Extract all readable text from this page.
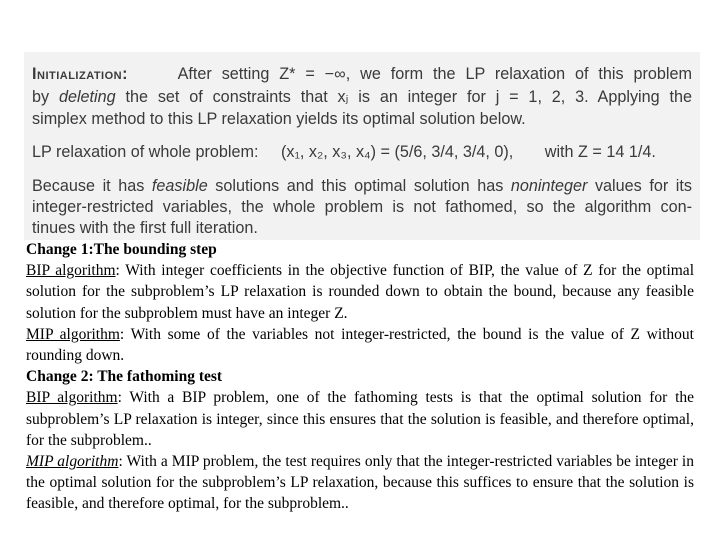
Initialization:	After setting Z* = −∞, we form the LP relaxation of this problem
by deleting the set of constraints that xⱼ is an integer for j = 1, 2, 3. Applying the
simplex method to this LP relaxation yields its optimal solution below.
LP relaxation of whole problem: (x₁, x₂, x₃, x₄) = (5/6, 3/4, 3/4, 0), with Z = 14 1/4.
Because it has feasible solutions and this optimal solution has noninteger values for its
integer-restricted variables, the whole problem is not fathomed, so the algorithm con-
tinues with the first full iteration.

Change 1:The bounding step

BIP algorithm: With integer coefficients in the objective function of BIP, the value of Z for the optimal solution for the subproblem’s LP relaxation is rounded down to obtain the bound, because any feasible solution for the subproblem must have an integer Z.

MIP algorithm: With some of the variables not integer-restricted, the bound is the value of Z without rounding down.

Change 2: The fathoming test

BIP algorithm: With a BIP problem, one of the fathoming tests is that the optimal solution for the subproblem’s LP relaxation is integer, since this ensures that the solution is feasible, and therefore optimal, for the subproblem..

MIP algorithm: With a MIP problem, the test requires only that the integer-restricted variables be integer in the optimal solution for the subproblem’s LP relaxation, because this suffices to ensure that the solution is feasible, and therefore optimal, for the subproblem..
